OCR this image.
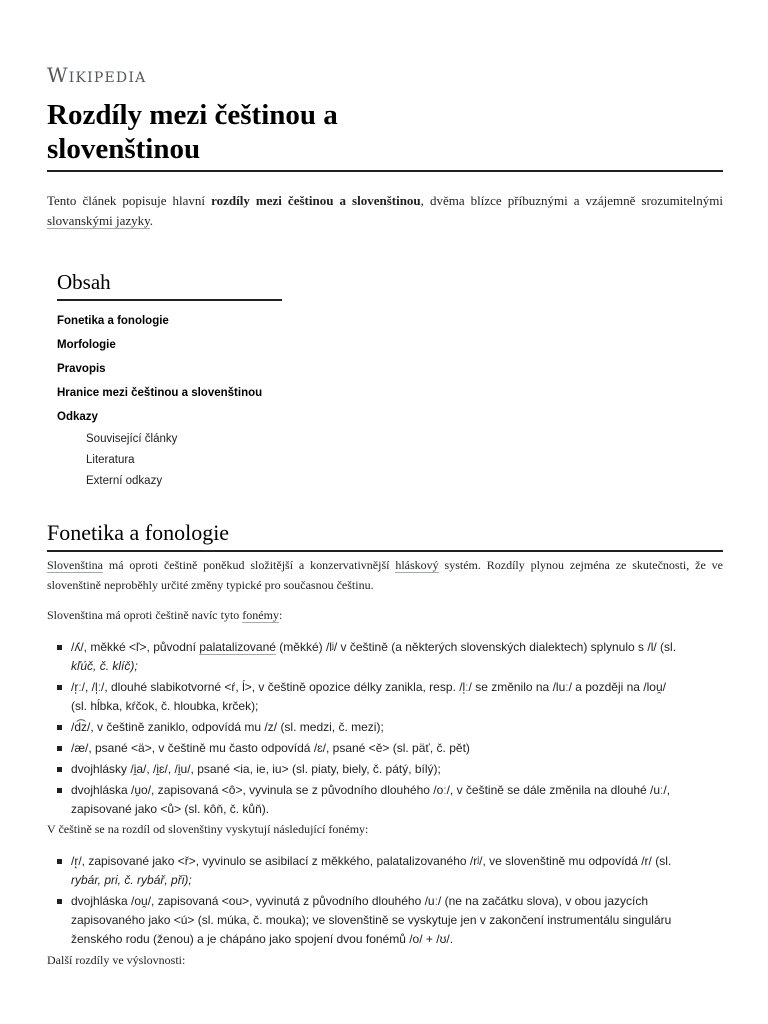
Wikipedia
Rozdíly mezi češtinou a
slovenštinou
Tento článek popisuje hlavní rozdíly mezi češtinou a slovenštinou, dvěma blízce příbuznými a vzájemně srozumitelnými slovanskými jazyky.
Obsah
Fonetika a fonologie
Morfologie
Pravopis
Hranice mezi češtinou a slovenštinou
Odkazy
Související články
Literatura
Externí odkazy
Fonetika a fonologie
Slovenština má oproti češtině poněkud složitější a konzervativnější hláskový systém. Rozdíly plynou zejména ze skutečnosti, že ve slovenštině neproběhly určité změny typické pro současnou češtinu.
Slovenština má oproti češtině navíc tyto fonémy:
/ʎ/, měkké <ľ>, původní palatalizované (měkké) /lʲ/ v češtině (a některých slovenských dialektech) splynulo s /l/ (sl.
kľúč, č. klíč);
/r̩ː/, /l̩ː/, dlouhé slabikotvorné <ŕ, ĺ>, v češtině opozice délky zanikla, resp. /l̩ː/ se změnilo na /luː/ a později na /loṷ/
(sl. hĺbka, kŕčok, č. hloubka, krček);
/d͡z/, v češtině zaniklo, odpovídá mu /z/ (sl. medzi, č. mezi);
/æ/, psané <ä>, v češtině mu často odpovídá /ɛ/, psané <ě> (sl. päť, č. pět)
dvojhlásky /i̯a/, /i̯ɛ/, /i̯u/, psané <ia, ie, iu> (sl. piaty, biely, č. pátý, bílý);
dvojhláska /u̯o/, zapisovaná <ô>, vyvinula se z původního dlouhého /oː/, v češtině se dále změnila na dlouhé /uː/,
zapisované jako <ů> (sl. kôň, č. kůň).
V češtině se na rozdíl od slovenštiny vyskytují následující fonémy:
/r̝/, zapisované jako <ř>, vyvinulo se asibilací z měkkého, palatalizovaného /rʲ/, ve slovenštině mu odpovídá /r/ (sl.
rybár, pri, č. rybář, při);
dvojhláska /oṷ/, zapisovaná <ou>, vyvinutá z původního dlouhého /uː/ (ne na začátku slova), v obou jazycích
zapisovaného jako <ú> (sl. múka, č. mouka); ve slovenštině se vyskytuje jen v zakončení instrumentálu singuláru
ženského rodu (ženou) a je chápáno jako spojení dvou fonémů /o/ + /ʊ/.
Další rozdíly ve výslovnosti:
